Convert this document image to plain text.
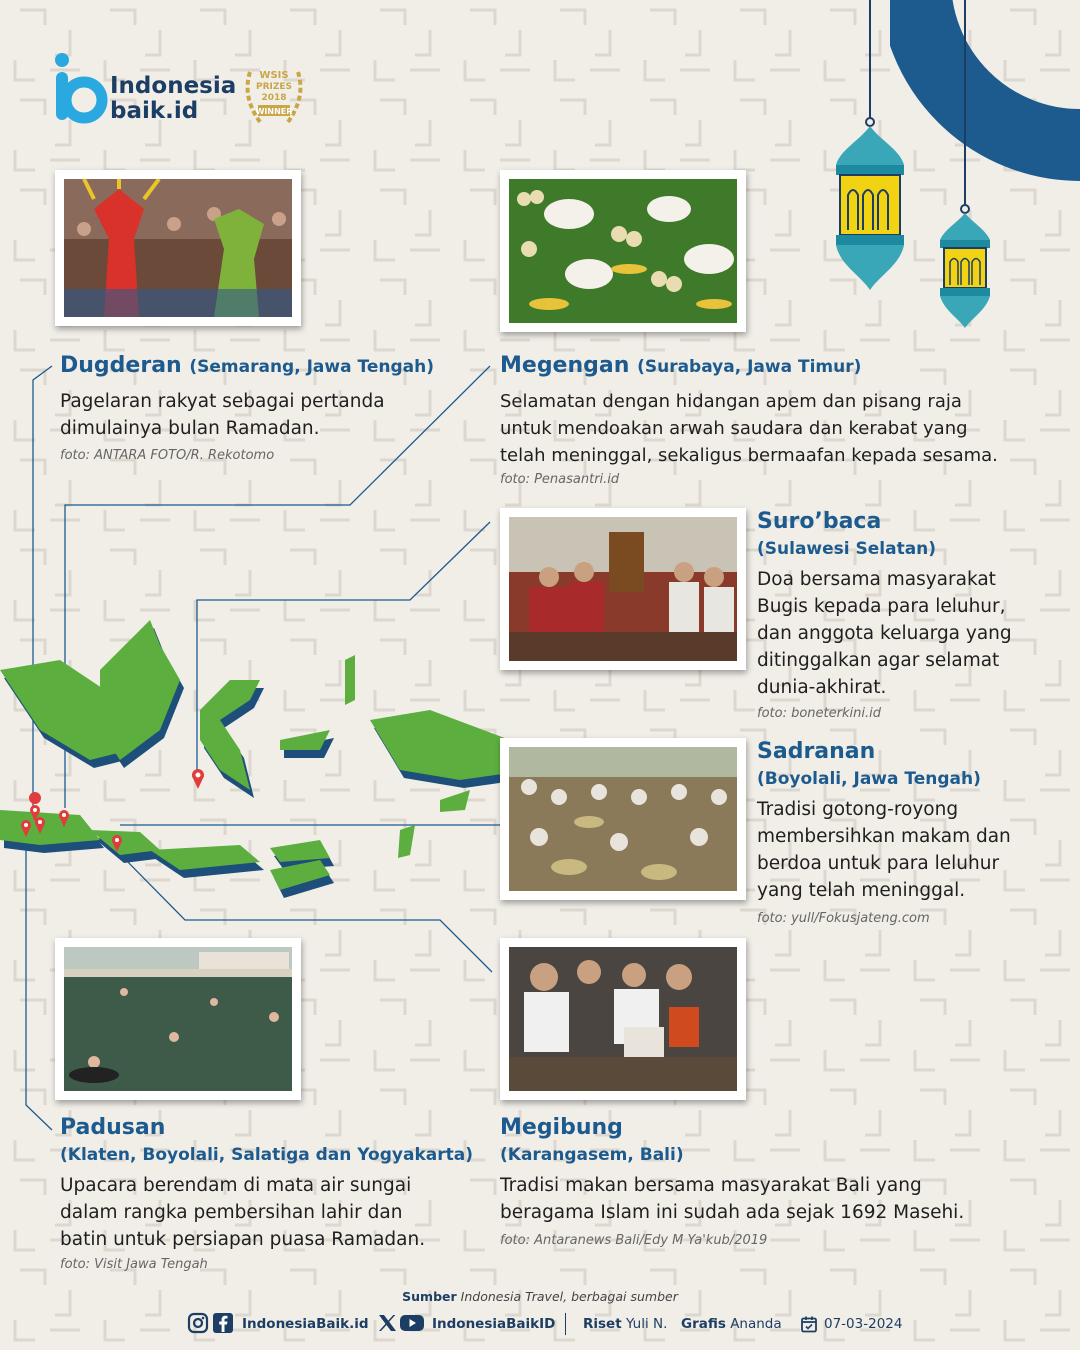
Indonesia
baik.id
WSIS
PRIZES
2018
WINNER
Dugderan (Semarang, Jawa Tengah)
Pagelaran rakyat sebagai pertanda
dimulainya bulan Ramadan.
foto: ANTARA FOTO/R. Rekotomo
Megengan (Surabaya, Jawa Timur)
Selamatan dengan hidangan apem dan pisang raja
untuk mendoakan arwah saudara dan kerabat yang
telah meninggal, sekaligus bermaafan kepada sesama.
foto: Penasantri.id
Suro’baca
(Sulawesi Selatan)
Doa bersama masyarakat
Bugis kepada para leluhur,
dan anggota keluarga yang
ditinggalkan agar selamat
dunia-akhirat.
foto: boneterkini.id
Sadranan
(Boyolali, Jawa Tengah)
Tradisi gotong-royong
membersihkan makam dan
berdoa untuk para leluhur
yang telah meninggal.
foto: yull/Fokusjateng.com
Padusan
(Klaten, Boyolali, Salatiga dan Yogyakarta)
Upacara berendam di mata air sungai
dalam rangka pembersihan lahir dan
batin untuk persiapan puasa Ramadan.
foto: Visit Jawa Tengah
Megibung
(Karangasem, Bali)
Tradisi makan bersama masyarakat Bali yang
beragama Islam ini sudah ada sejak 1692 Masehi.
foto: Antaranews Bali/Edy M Ya'kub/2019
Sumber Indonesia Travel, berbagai sumber
IndonesiaBaik.id	IndonesiaBaikID Riset Yuli N. Grafis Ananda	07-03-2024
